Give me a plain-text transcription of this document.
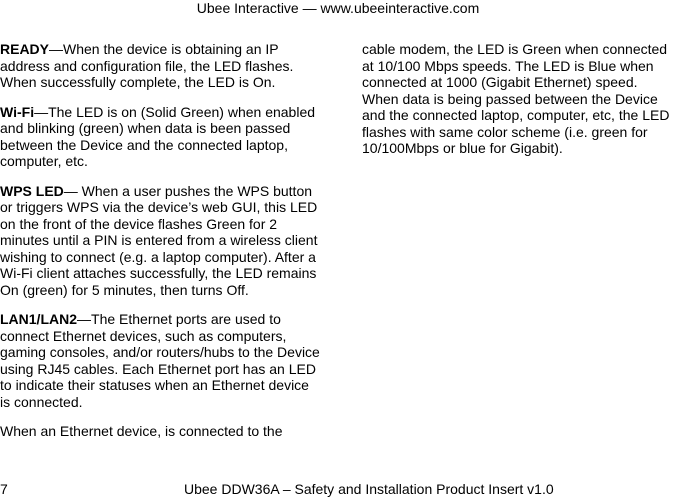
Ubee Interactive — www.ubeeinteractive.com

READY—When the device is obtaining an IP address and configuration file, the LED flashes. When successfully complete, the LED is On.

Wi-Fi—The LED is on (Solid Green) when enabled and blinking (green) when data is been passed between the Device and the connected laptop, computer, etc.

WPS LED— When a user pushes the WPS button or triggers WPS via the device’s web GUI, this LED on the front of the device flashes Green for 2 minutes until a PIN is entered from a wireless client wishing to connect (e.g. a laptop computer). After a Wi-Fi client attaches successfully, the LED remains On (green) for 5 minutes, then turns Off.

LAN1/LAN2—The Ethernet ports are used to connect Ethernet devices, such as computers, gaming consoles, and/or routers/hubs to the Device using RJ45 cables. Each Ethernet port has an LED to indicate their statuses when an Ethernet device is connected.

When an Ethernet device, is connected to the

cable modem, the LED is Green when connected at 10/100 Mbps speeds. The LED is Blue when connected at 1000 (Gigabit Ethernet) speed. When data is being passed between the Device and the connected laptop, computer, etc, the LED flashes with same color scheme (i.e. green for 10/100Mbps or blue for Gigabit).

7	Ubee DDW36A – Safety and Installation Product Insert v1.0
